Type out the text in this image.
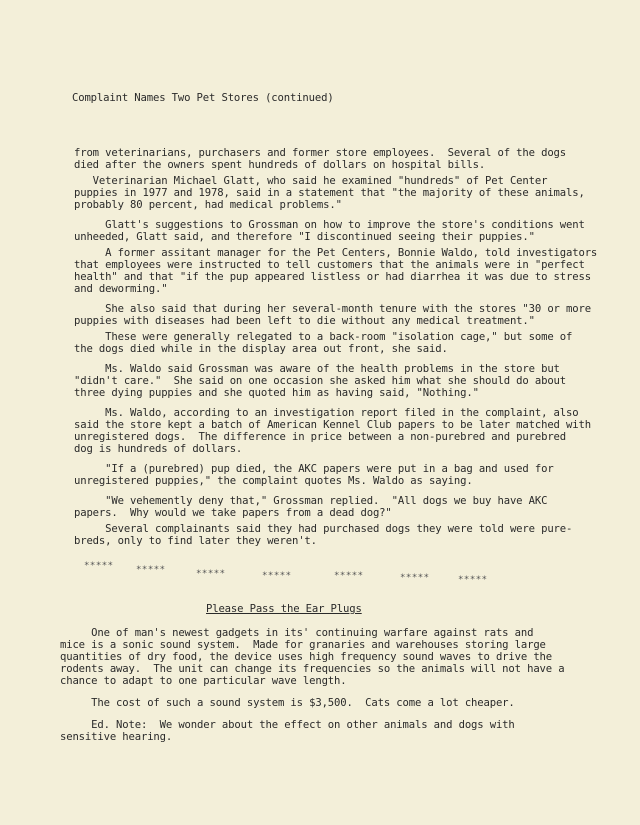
Complaint Names Two Pet Stores (continued)
from veterinarians, purchasers and former store employees.  Several of the dogs
died after the owners spent hundreds of dollars on hospital bills.
Veterinarian Michael Glatt, who said he examined "hundreds" of Pet Center
puppies in 1977 and 1978, said in a statement that "the majority of these animals,
probably 80 percent, had medical problems."
Glatt's suggestions to Grossman on how to improve the store's conditions went
unheeded, Glatt said, and therefore "I discontinued seeing their puppies."
A former assitant manager for the Pet Centers, Bonnie Waldo, told investigators
that employees were instructed to tell customers that the animals were in "perfect
health" and that "if the pup appeared listless or had diarrhea it was due to stress
and deworming."
She also said that during her several-month tenure with the stores "30 or more
puppies with diseases had been left to die without any medical treatment."
These were generally relegated to a back-room "isolation cage," but some of
the dogs died while in the display area out front, she said.
Ms. Waldo said Grossman was aware of the health problems in the store but
"didn't care."  She said on one occasion she asked him what she should do about
three dying puppies and she quoted him as having said, "Nothing."
Ms. Waldo, according to an investigation report filed in the complaint, also
said the store kept a batch of American Kennel Club papers to be later matched with
unregistered dogs.  The difference in price between a non-purebred and purebred
dog is hundreds of dollars.
"If a (purebred) pup died, the AKC papers were put in a bag and used for
unregistered puppies," the complaint quotes Ms. Waldo as saying.
"We vehemently deny that," Grossman replied.  "All dogs we buy have AKC
papers.  Why would we take papers from a dead dog?"
Several complainants said they had purchased dogs they were told were pure-
breds, only to find later they weren't.
***** *****	*****	*****	*****	*****	*****
Please Pass the Ear Plugs
One of man's newest gadgets in its' continuing warfare against rats and
mice is a sonic sound system.  Made for granaries and warehouses storing large
quantities of dry food, the device uses high frequency sound waves to drive the
rodents away.  The unit can change its frequencies so the animals will not have a
chance to adapt to one particular wave length.
The cost of such a sound system is $3,500.  Cats come a lot cheaper.
Ed. Note:  We wonder about the effect on other animals and dogs with
sensitive hearing.
